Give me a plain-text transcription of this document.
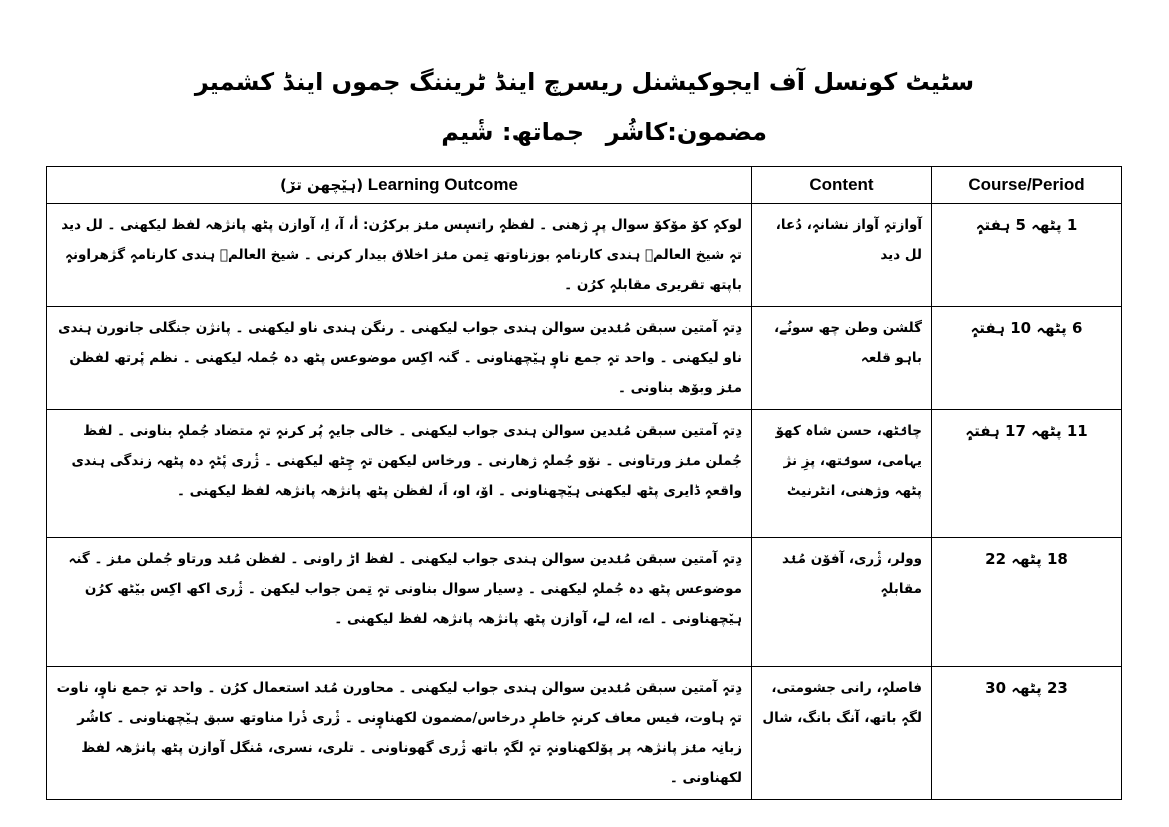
سٹیٹ کونسل آف ایجوکیشنل ریسرچ اینڈ ٹریننگ جموں اینڈ کشمیر
مضمون:کاشُر
جماتھ: شٔیم
(ہیٚچھن ترٚ) Learning Outcome	Content	Course/Period
لوکہٕ کوٚ موٚکوٚ سوال پرٕ ژھنی ۔ لفظہٕ راتسٕس منٛز برکرُن: أ، آ، اِ، آوازن پٹھ پانژھہ لفظ لیکھنی ۔ لل دید تہٕ شیخ العالمؒ ہندی کارنامہٕ بوزناوتھ تِمن منٛز اخلاق بیدار کرنی ۔ شیخ العالمؒ ہندی کارنامہٕ گژھراونہٕ باپتھ تقریری مقابلہٕ کرُن ۔	آوازتہٕ آواز نشانہٕ، دُعا، لل دید	1 پٹھہ 5 ہفتہٕ
دِتہٕ آمتین سبقن مُنٛدین سوالن ہندی جواب لیکھنی ۔ رنگن ہندی ناو لیکھنی ۔ پانژن جنگلی جانورن ہندی ناو لیکھنی ۔ واحد تہٕ جمع ناوٕ ہیٚچھناونی ۔ گنہ اکِس موضوعس پٹھ دہ جُملہ لیکھنی ۔ نظم پٔرتھ لفظن منٛز وبوٚھ بناونی ۔	گلشن وطن چھ سونُے، باہو قلعہ	6 پٹھہ 10 ہفتہٕ
دِتہٕ آمتین سبقن مُنٛدین سوالن ہندی جواب لیکھنی ۔ خالی جایہٕ پُر کرنہٕ تہٕ متضاد جُملہٕ بناونی ۔ لفظ جُملن منٛز ورتاونی ۔ نۆو جُملہٕ ژھارنی ۔ ورخاس لیکھن تہٕ چِٹھ لیکھنی ۔ ژٔری پٔٹہٕ دہ پٹھہ زندگی ہندی واقعہٕ ڈایری پٹھ لیکھنی ہیٚچھناونی ۔ اوٚ، او، اَ، لفظن پٹھ پانژھہ پانژھہ لفظ لیکھنی ۔	چانٛٹھ، حسن شاہ کھوٚ یہامی، سونٛتھ، پزِ نژ پٹھہ وژھنی، انٹرنیٹ	11 پٹھہ 17 ہفتہٕ
دِتہٕ آمتین سبقن مُنٛدین سوالن ہندی جواب لیکھنی ۔ لفظ اڑ راونی ۔ لفظن مُنٛد ورتاو جُملن منٛز ۔ گنہ موضوعس پٹھ دہ جُملہٕ لیکھنی ۔ دِسیار سوال بناونی تہٕ تِمن جواب لیکھن ۔ ژٔری اکھ اکِس بیٚٹھ کرُن ہیٚچھناونی ۔ اے، اے، لے، آوازن پٹھ پانژھہ پانژھہ لفظ لیکھنی ۔	وولر، ژٔری، آفوٚن مُنٛد مقابلہٕ	18 پٹھہ 22
دِتہٕ آمتین سبقن مُنٛدین سوالن ہندی جواب لیکھنی ۔ محاورن مُنٛد استعمال کرُن ۔ واحد تہٕ جمع ناوٕ، ناوت تہٕ ہاوت، فیس معاف کرنہٕ خاطرٕ درخاس/مضمون لکھناوٕنی ۔ ژٔری ذٔرا مناوتھ سبق ہیٚچھناونی ۔ کاشُر زبانِہ منٛز پانژھہ پر پوٚلکھناونہٕ تہٕ لگہٕ باتھ ژٔری گھوناونی ۔ تلری، نسری، مٔنگل آوازن پٹھ پانژھہ لفظ لکھناونی ۔	فاصلہٕ، رانی جشومتی، لگہٕ باتھ، آنگ بانگ، شال	23 پٹھہ 30
